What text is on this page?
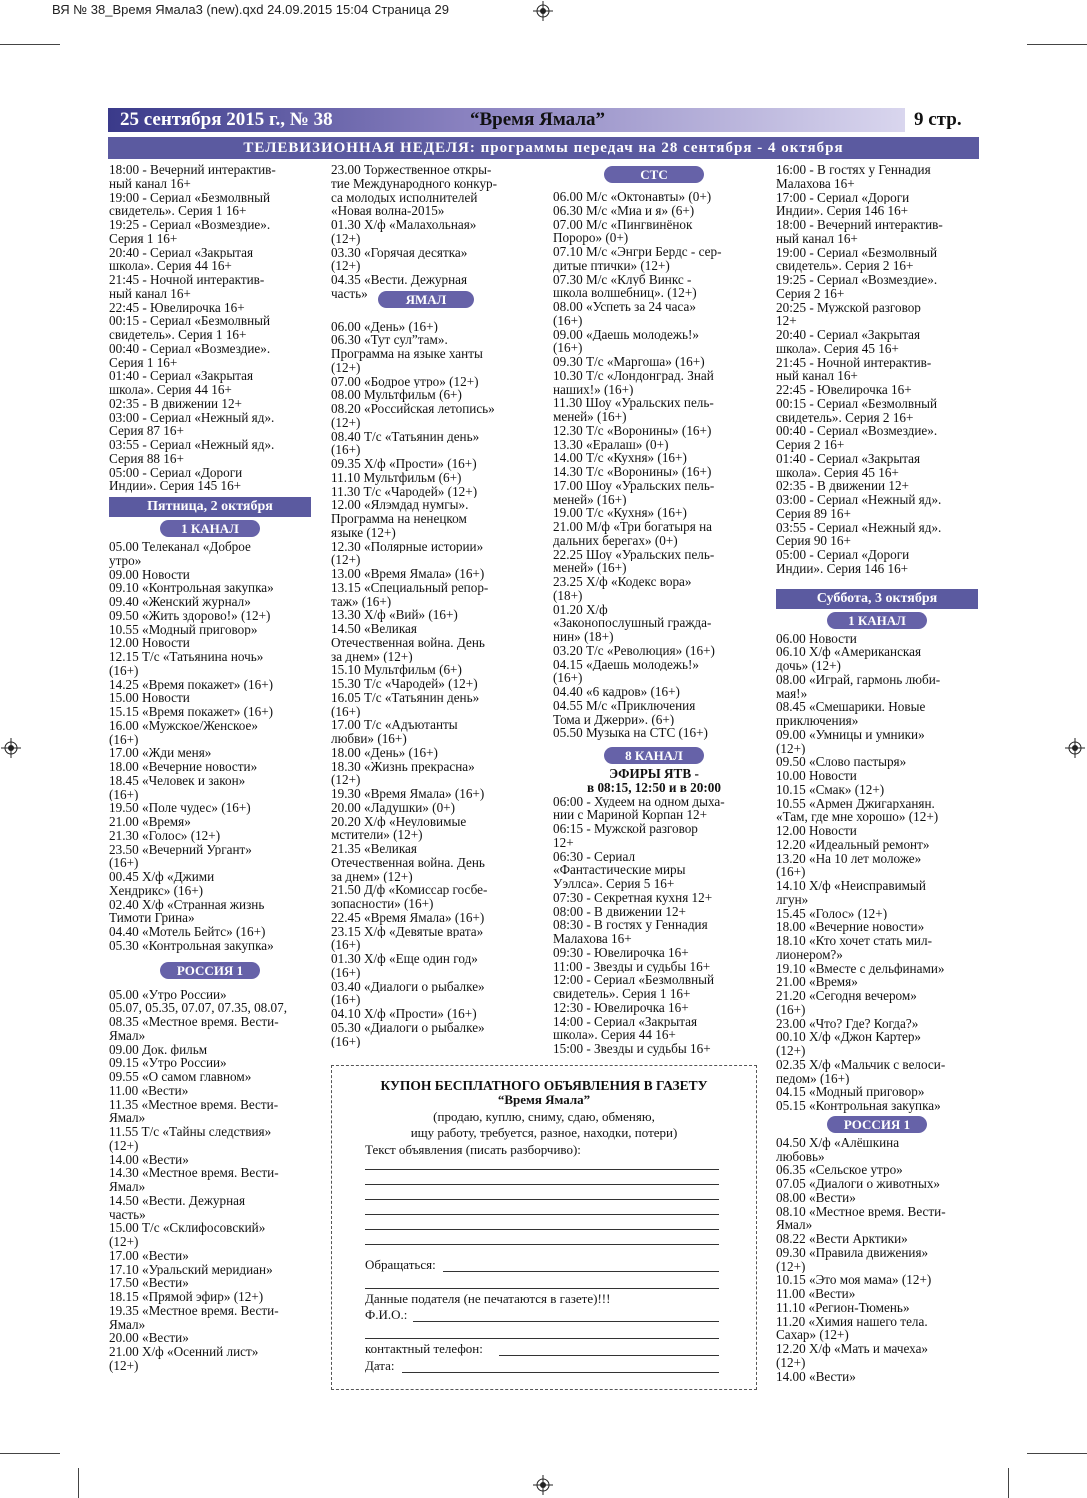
ВЯ № 38_Время Ямала3 (new).qxd 24.09.2015 15:04 Страница 29
25 сентября 2015 г., № 38	“Время Ямала”	9 стр.
ТЕЛЕВИЗИОННАЯ НЕДЕЛЯ: программы передач на 28 сентября - 4 октября
18:00 - Вечерний интерактив-
ный канал 16+
19:00 - Сериал «Безмолвный
свидетель». Серия 1 16+
19:25 - Сериал «Возмездие».
Серия 1 16+
20:40 - Сериал «Закрытая
школа». Серия 44 16+
21:45 - Ночной интерактив-
ный канал 16+
22:45 - Ювелирочка 16+
00:15 - Сериал «Безмолвный
свидетель». Серия 1 16+
00:40 - Сериал «Возмездие».
Серия 1 16+
01:40 - Сериал «Закрытая
школа». Серия 44 16+
02:35 - В движении 12+
03:00 - Сериал «Нежный яд».
Серия 87 16+
03:55 - Сериал «Нежный яд».
Серия 88 16+
05:00 - Сериал «Дороги
Индии». Серия 145 16+
Пятница, 2 октября
1 КАНАЛ
05.00 Телеканал «Доброе
утро»
09.00 Новости
09.10 «Контрольная закупка»
09.40 «Женский журнал»
09.50 «Жить здорово!» (12+)
10.55 «Модный приговор»
12.00 Новости
12.15 Т/с «Татьянина ночь»
(16+)
14.25 «Время покажет» (16+)
15.00 Новости
15.15 «Время покажет» (16+)
16.00 «Мужское/Женское»
(16+)
17.00 «Жди меня»
18.00 «Вечерние новости»
18.45 «Человек и закон»
(16+)
19.50 «Поле чудес» (16+)
21.00 «Время»
21.30 «Голос» (12+)
23.50 «Вечерний Ургант»
(16+)
00.45 Х/ф «Джими
Хендрикс» (16+)
02.40 Х/ф «Странная жизнь
Тимоти Грина»
04.40 «Мотель Бейтс» (16+)
05.30 «Контрольная закупка»
РОССИЯ 1
05.00 «Утро России»
05.07, 05.35, 07.07, 07.35, 08.07,
08.35 «Местное время. Вести-
Ямал»
09.00 Док. фильм
09.15 «Утро России»
09.55 «О самом главном»
11.00 «Вести»
11.35 «Местное время. Вести-
Ямал»
11.55 Т/с «Тайны следствия»
(12+)
14.00 «Вести»
14.30 «Местное время. Вести-
Ямал»
14.50 «Вести. Дежурная
часть»
15.00 Т/с «Склифосовский»
(12+)
17.00 «Вести»
17.10 «Уральский меридиан»
17.50 «Вести»
18.15 «Прямой эфир» (12+)
19.35 «Местное время. Вести-
Ямал»
20.00 «Вести»
21.00 Х/ф «Осенний лист»
(12+)
23.00 Торжественное откры-
тие Международного конкур-
са молодых исполнителей
«Новая волна-2015»
01.30 Х/ф «Малахольная»
(12+)
03.30 «Горячая десятка»
(12+)
04.35 «Вести. Дежурная
часть»	ЯМАЛ
06.00 «День» (16+)
06.30 «Тут сул”там».
Программа на языке ханты
(12+)
07.00 «Бодрое утро» (12+)
08.00 Мультфильм (6+)
08.20 «Российская летопись»
(12+)
08.40 Т/с «Татьянин день»
(16+)
09.35 Х/ф «Прости» (16+)
11.10 Мультфильм (6+)
11.30 Т/с «Чародей» (12+)
12.00 «Ялэмдад нумгы».
Программа на ненецком
языке (12+)
12.30 «Полярные истории»
(12+)
13.00 «Время Ямала» (16+)
13.15 «Специальный репор-
таж» (16+)
13.30 Х/ф «Вий» (16+)
14.50 «Великая
Отечественная война. День
за днем» (12+)
15.10 Мультфильм (6+)
15.30 Т/с «Чародей» (12+)
16.05 Т/с «Татьянин день»
(16+)
17.00 Т/с «Адъютанты
любви» (16+)
18.00 «День» (16+)
18.30 «Жизнь прекрасна»
(12+)
19.30 «Время Ямала» (16+)
20.00 «Ладушки» (0+)
20.20 Х/ф «Неуловимые
мстители» (12+)
21.35 «Великая
Отечественная война. День
за днем» (12+)
21.50 Д/ф «Комиссар госбе-
зопасности» (16+)
22.45 «Время Ямала» (16+)
23.15 Х/ф «Девятые врата»
(16+)
01.30 Х/ф «Еще один год»
(16+)
03.40 «Диалоги о рыбалке»
(16+)
04.10 Х/ф «Прости» (16+)
05.30 «Диалоги о рыбалке»
(16+)
СТС
06.00 М/с «Октонавты» (0+)
06.30 М/с «Миа и я» (6+)
07.00 М/с «Пингвинёнок
Пороро» (0+)
07.10 М/с «Энгри Бердс - сер-
дитые птички» (12+)
07.30 М/с «Клуб Винкс -
школа волшебниц». (12+)
08.00 «Успеть за 24 часа»
(16+)
09.00 «Даешь молодежь!»
(16+)
09.30 Т/с «Маргоша» (16+)
10.30 Т/с «Лондонград. Знай
наших!» (16+)
11.30 Шоу «Уральских пель-
меней» (16+)
12.30 Т/с «Воронины» (16+)
13.30 «Ералаш» (0+)
14.00 Т/с «Кухня» (16+)
14.30 Т/с «Воронины» (16+)
17.00 Шоу «Уральских пель-
меней» (16+)
19.00 Т/с «Кухня» (16+)
21.00 М/ф «Три богатыря на
дальних берегах» (0+)
22.25 Шоу «Уральских пель-
меней» (16+)
23.25 Х/ф «Кодекс вора»
(18+)
01.20 Х/ф
«Законопослушный гражда-
нин» (18+)
03.20 Т/с «Революция» (16+)
04.15 «Даешь молодежь!»
(16+)
04.40 «6 кадров» (16+)
04.55 М/с «Приключения
Тома и Джерри». (6+)
05.50 Музыка на СТС (16+)
8 КАНАЛ
ЭФИРЫ ЯТВ -
в 08:15, 12:50 и в 20:00
06:00 - Худеем на одном дыха-
нии с Мариной Корпан 12+
06:15 - Мужской разговор
12+
06:30 - Сериал
«Фантастические миры
Уэллса». Серия 5 16+
07:30 - Секретная кухня 12+
08:00 - В движении 12+
08:30 - В гостях у Геннадия
Малахова 16+
09:30 - Ювелирочка 16+
11:00 - Звезды и судьбы 16+
12:00 - Сериал «Безмолвный
свидетель». Серия 1 16+
12:30 - Ювелирочка 16+
14:00 - Сериал «Закрытая
школа». Серия 44 16+
15:00 - Звезды и судьбы 16+
16:00 - В гостях у Геннадия
Малахова 16+
17:00 - Сериал «Дороги
Индии». Серия 146 16+
18:00 - Вечерний интерактив-
ный канал 16+
19:00 - Сериал «Безмолвный
свидетель». Серия 2 16+
19:25 - Сериал «Возмездие».
Серия 2 16+
20:25 - Мужской разговор
12+
20:40 - Сериал «Закрытая
школа». Серия 45 16+
21:45 - Ночной интерактив-
ный канал 16+
22:45 - Ювелирочка 16+
00:15 - Сериал «Безмолвный
свидетель». Серия 2 16+
00:40 - Сериал «Возмездие».
Серия 2 16+
01:40 - Сериал «Закрытая
школа». Серия 45 16+
02:35 - В движении 12+
03:00 - Сериал «Нежный яд».
Серия 89 16+
03:55 - Сериал «Нежный яд».
Серия 90 16+
05:00 - Сериал «Дороги
Индии». Серия 146 16+
Суббота, 3 октября
1 КАНАЛ
06.00 Новости
06.10 Х/ф «Американская
дочь» (12+)
08.00 «Играй, гармонь люби-
мая!»
08.45 «Смешарики. Новые
приключения»
09.00 «Умницы и умники»
(12+)
09.50 «Слово пастыря»
10.00 Новости
10.15 «Смак» (12+)
10.55 «Армен Джигарханян.
«Там, где мне хорошо» (12+)
12.00 Новости
12.20 «Идеальный ремонт»
13.20 «На 10 лет моложе»
(16+)
14.10 Х/ф «Неисправимый
лгун»
15.45 «Голос» (12+)
18.00 «Вечерние новости»
18.10 «Кто хочет стать мил-
лионером?»
19.10 «Вместе с дельфинами»
21.00 «Время»
21.20 «Сегодня вечером»
(16+)
23.00 «Что? Где? Когда?»
00.10 Х/ф «Джон Картер»
(12+)
02.35 Х/ф «Мальчик с велоси-
педом» (16+)
04.15 «Модный приговор»
05.15 «Контрольная закупка»
РОССИЯ 1
04.50 Х/ф «Алёшкина
любовь»
06.35 «Сельское утро»
07.05 «Диалоги о животных»
08.00 «Вести»
08.10 «Местное время. Вести-
Ямал»
08.22 «Вести Арктики»
09.30 «Правила движения»
(12+)
10.15 «Это моя мама» (12+)
11.00 «Вести»
11.10 «Регион-Тюмень»
11.20 «Химия нашего тела.
Сахар» (12+)
12.20 Х/ф «Мать и мачеха»
(12+)
14.00 «Вести»
КУПОН БЕСПЛАТНОГО ОБЪЯВЛЕНИЯ В ГАЗЕТУ
“Время Ямала”
(продаю, куплю, сниму, сдаю, обменяю,
ищу работу, требуется, разное, находки, потери)
Текст объявления (писать разборчиво):
Обращаться:
Данные подателя (не печатаются в газете)!!!
Ф.И.О.:
контактный телефон:
Дата:
